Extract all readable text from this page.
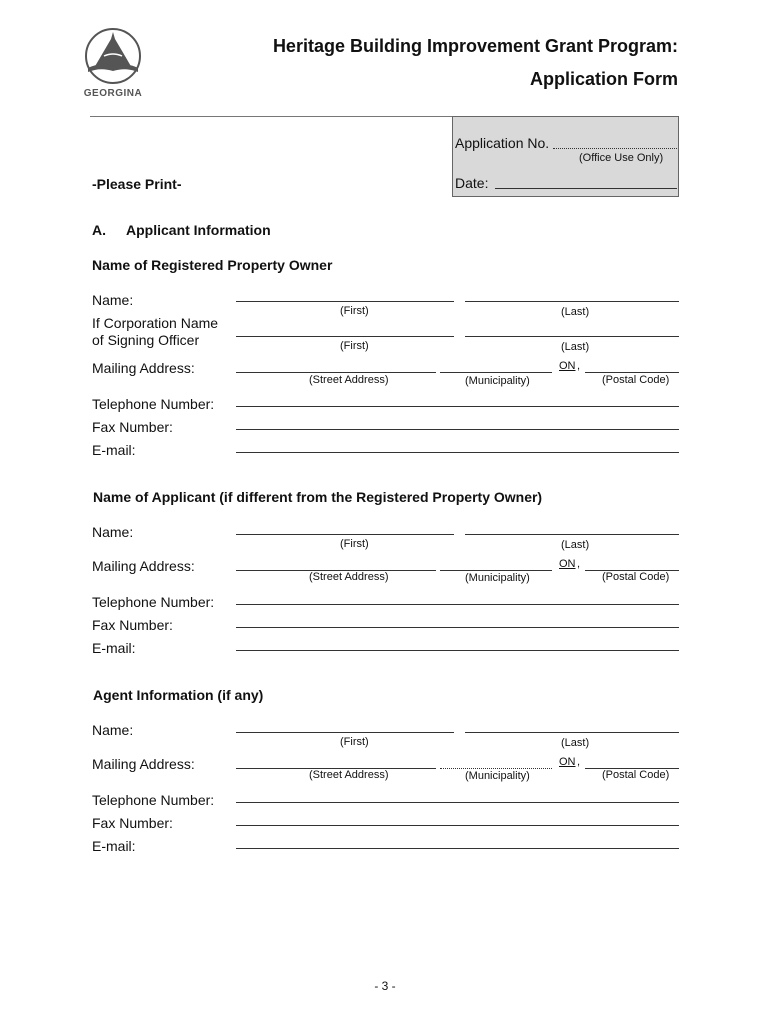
GEORGINA
Heritage Building Improvement Grant Program:
Application Form
Application No.
(Office Use Only)
Date:
-Please Print-
A. Applicant Information
Name of Registered Property Owner
Name:
(First)	(Last)
If Corporation Name
of Signing Officer	(First)	(Last)
Mailing Address:	ON ,
(Street Address)	(Municipality)	(Postal Code)
Telephone Number:
Fax Number:
E-mail:
Name of Applicant (if different from the Registered Property Owner)
Name:
(First)	(Last)
Mailing Address:	ON ,
(Street Address)	(Municipality)	(Postal Code)
Telephone Number:
Fax Number:
E-mail:
Agent Information (if any)
Name:
(First)	(Last)
Mailing Address:	ON ,
(Street Address)	(Municipality)	(Postal Code)
Telephone Number:
Fax Number:
E-mail:
- 3 -
